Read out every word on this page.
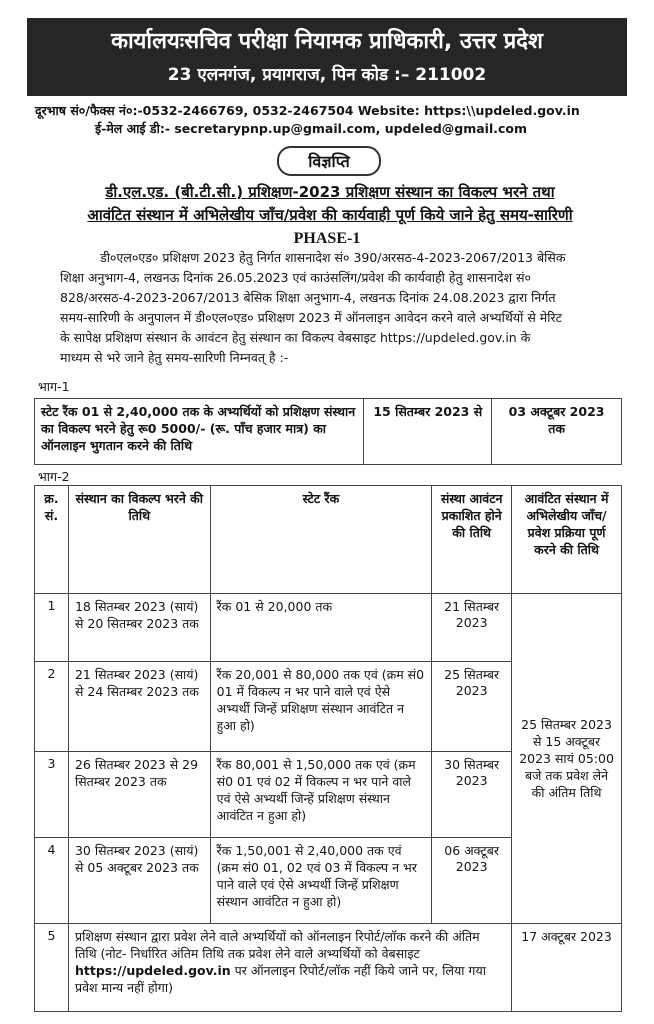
कार्यालयःसचिव परीक्षा नियामक प्राधिकारी, उत्तर प्रदेश
23 एलनगंज, प्रयागराज, पिन कोड :– 211002
दूरभाष सं०/फैक्स नं०:-0532-2466769, 0532-2467504 Website: https:\\updeled.gov.in
ई-मेल आई डी:- secretarypnp.up@gmail.com, updeled@gmail.com
विज्ञप्ति
डी.एल.एड. (बी.टी.सी.) प्रशिक्षण-2023 प्रशिक्षण संस्थान का विकल्प भरने तथा
आवंटित संस्थान में अभिलेखीय जाँच/प्रवेश की कार्यवाही पूर्ण किये जाने हेतु समय-सारिणी
PHASE-1
डी०एल०एड० प्रशिक्षण 2023 हेतु निर्गत शासनादेश सं० 390/अरसठ-4-2023-2067/2013 बेसिक
शिक्षा अनुभाग-4, लखनऊ दिनांक 26.05.2023 एवं काउंसलिंग/प्रवेश की कार्यवाही हेतु शासनादेश सं०
828/अरसठ-4-2023-2067/2013 बेसिक शिक्षा अनुभाग-4, लखनऊ दिनांक 24.08.2023 द्वारा निर्गत
समय-सारिणी के अनुपालन में डी०एल०एड० प्रशिक्षण 2023 में ऑनलाइन आवेदन करने वाले अभ्यर्थियों से मेरिट
के सापेक्ष प्रशिक्षण संस्थान के आवंटन हेतु संस्थान का विकल्प वेबसाइट https://updeled.gov.in के
माध्यम से भरे जाने हेतु समय-सारिणी निम्नवत् है :-
भाग-1
स्टेट रैंक 01 से 2,40,000 तक के अभ्यर्थियों को प्रशिक्षण संस्थान का विकल्प भरने हेतु रू0 5000/- (रू. पाँच हजार मात्र) का ऑनलाइन भुगतान करने की तिथि	15 सितम्बर 2023 से	03 अक्टूबर 2023 तक
भाग-2
क्र. सं.	संस्थान का विकल्प भरने की तिथि	स्टेट रैंक	संस्था आवंटन प्रकाशित होने की तिथि	आवंटित संस्थान में अभिलेखीय जाँच/प्रवेश प्रक्रिया पूर्ण करने की तिथि
1	18 सितम्बर 2023 (सायं) से 20 सितम्बर 2023 तक	रैंक 01 से 20,000 तक	21 सितम्बर 2023	25 सितम्बर 2023 से 15 अक्टूबर 2023 सायं 05:00 बजे तक प्रवेश लेने की अंतिम तिथि
2	21 सितम्बर 2023 (सायं) से 24 सितम्बर 2023 तक	रैंक 20,001 से 80,000 तक एवं (क्रम सं0 01 में विकल्प न भर पाने वाले एवं ऐसे अभ्यर्थी जिन्हें प्रशिक्षण संस्थान आवंटित न हुआ हो)	25 सितम्बर 2023	
3	26 सितम्बर 2023 से 29 सितम्बर 2023 तक	रैंक 80,001 से 1,50,000 तक एवं (क्रम सं0 01 एवं 02 में विकल्प न भर पाने वाले एवं ऐसे अभ्यर्थी जिन्हें प्रशिक्षण संस्थान आवंटित न हुआ हो)	30 सितम्बर 2023	
4	30 सितम्बर 2023 (सायं) से 05 अक्टूबर 2023 तक	रैंक 1,50,001 से 2,40,000 तक एवं (क्रम सं0 01, 02 एवं 03 में विकल्प न भर पाने वाले एवं ऐसे अभ्यर्थी जिन्हें प्रशिक्षण संस्थान आवंटित न हुआ हो)	06 अक्टूबर 2023	
5	प्रशिक्षण संस्थान द्वारा प्रवेश लेने वाले अभ्यर्थियों को ऑनलाइन रिपोर्ट/लॉक करने की अंतिम तिथि (नोट- निर्धारित अंतिम तिथि तक प्रवेश लेने वाले अभ्यर्थियों को वेबसाइट https://updeled.gov.in पर ऑनलाइन रिपोर्ट/लॉक नहीं किये जाने पर, लिया गया प्रवेश मान्य नहीं होगा)			17 अक्टूबर 2023
